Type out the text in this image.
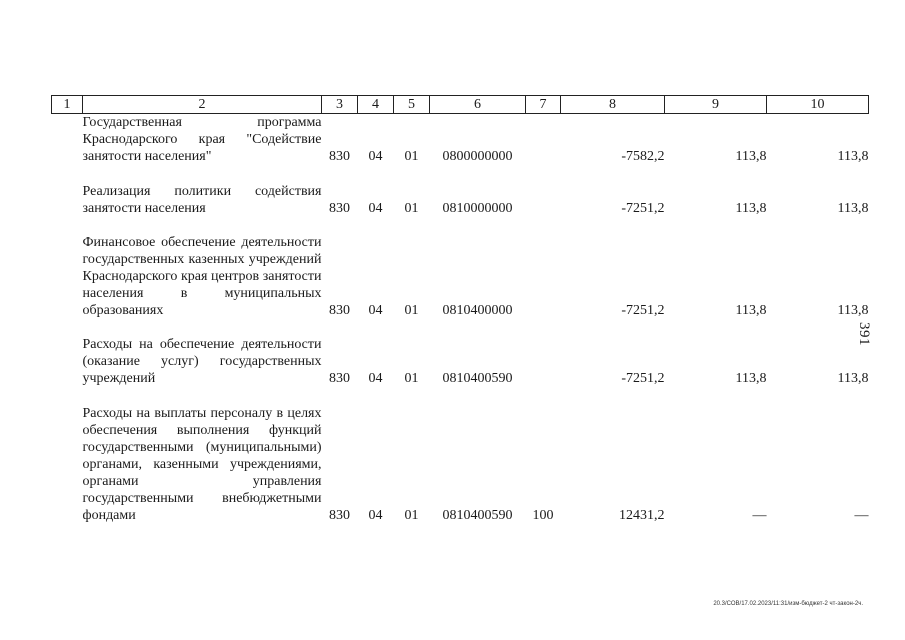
1	2	3	4	5	6	7	8	9	10

	Государственная программа Краснодарского края "Содействие занятости населения"	830	04	01	0800000000		-7582,2	113,8	113,8

	Реализация политики содействия занятости населения	830	04	01	0810000000		-7251,2	113,8	113,8

	Финансовое обеспечение деятельности государственных казенных учреждений Краснодарского края центров занятости населения в муниципальных образованиях	830	04	01	0810400000		-7251,2	113,8	113,8

	Расходы на обеспечение деятельности (оказание услуг) государственных учреждений	830	04	01	0810400590		-7251,2	113,8	113,8

	Расходы на выплаты персоналу в целях обеспечения выполнения функций государственными (муниципальными) органами, казенными учреждениями, органами управления государственными внебюджетными фондами	830	04	01	0810400590	100	12431,2	—	—
391
20.3/СОВ/17.02.2023/11:31/изм-бюджет-2 чт-закон-2ч.
